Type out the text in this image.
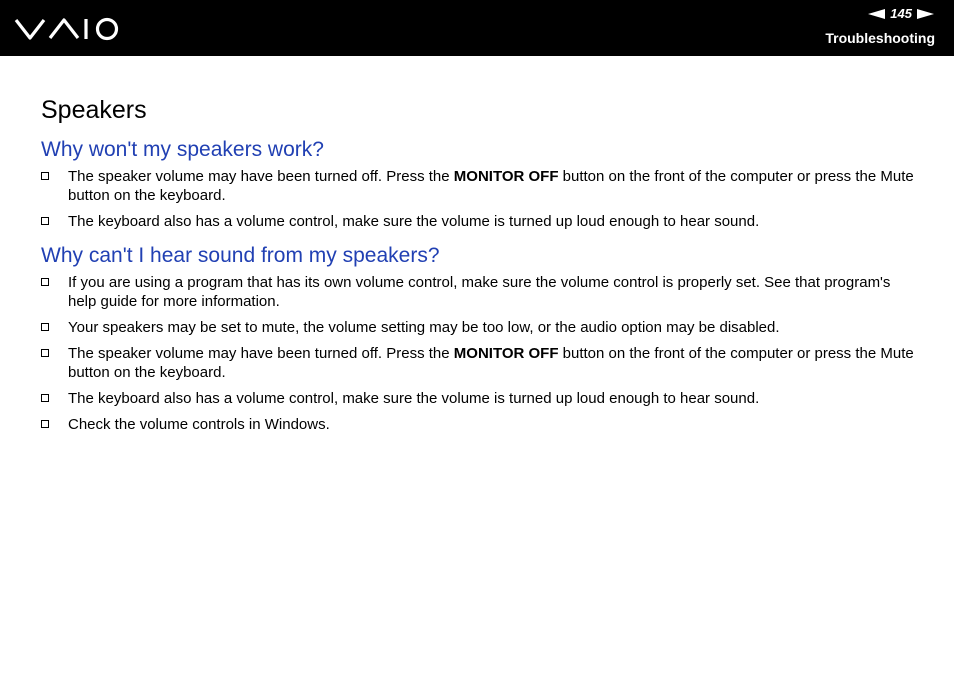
145
Troubleshooting
Speakers
Why won't my speakers work?
The speaker volume may have been turned off. Press the MONITOR OFF button on the front of the computer or press the Mute button on the keyboard.
The keyboard also has a volume control, make sure the volume is turned up loud enough to hear sound.
Why can't I hear sound from my speakers?
If you are using a program that has its own volume control, make sure the volume control is properly set. See that program's help guide for more information.
Your speakers may be set to mute, the volume setting may be too low, or the audio option may be disabled.
The speaker volume may have been turned off. Press the MONITOR OFF button on the front of the computer or press the Mute button on the keyboard.
The keyboard also has a volume control, make sure the volume is turned up loud enough to hear sound.
Check the volume controls in Windows.
